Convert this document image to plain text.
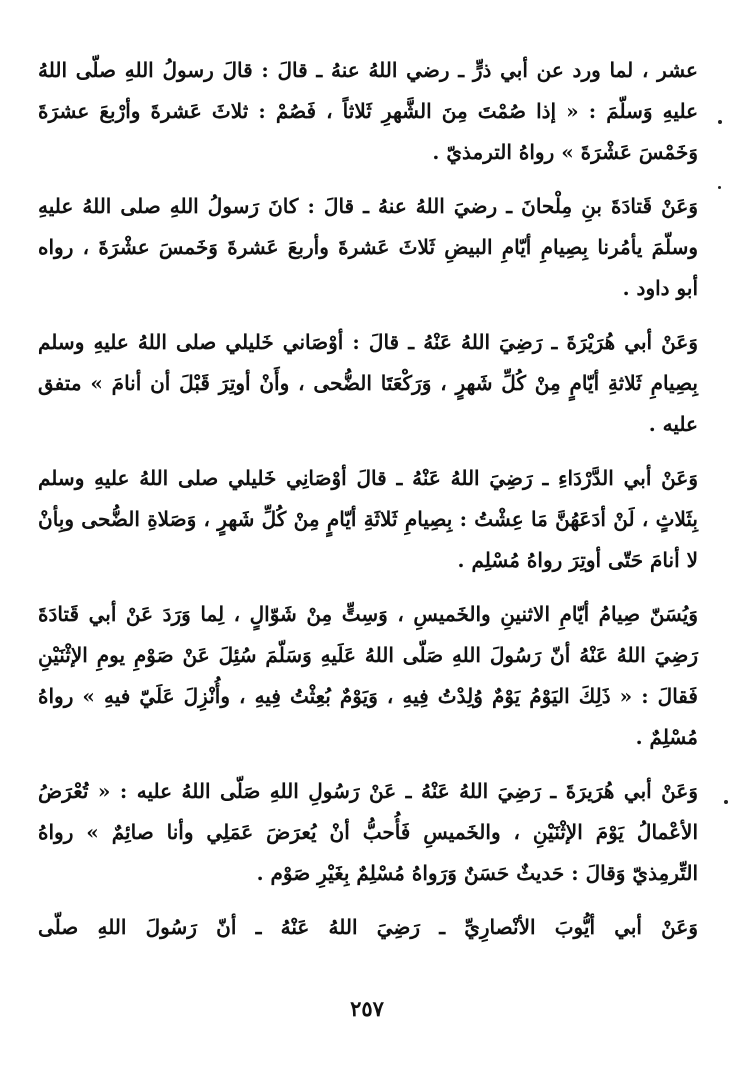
عشر ، لما ورد عن أبي ذرٍّ ـ رضي اللهُ عنهُ ـ قالَ : قالَ رسولُ اللهِ صلّى اللهُ عليهِ وَسلّمَ : « إذا صُمْتَ مِنَ الشَّهرِ ثَلاثاً ، فَصُمْ : ثلاثَ عَشرةَ وأرْبعَ عشرَةَ وَخَمْسَ عَشْرَةَ » رواهُ الترمذيّ .

وَعَنْ قَتادَةَ بنِ مِلْحانَ ـ رضيَ اللهُ عنهُ ـ قالَ : كانَ رَسولُ اللهِ صلى اللهُ عليهِ وسلّمَ يأمُرنا بِصِيامِ أيّامِ البيضِ ثَلاثَ عَشرةَ وأربعَ عَشرةَ وَخَمسَ عشْرَةَ ، رواه أبو داود .

وَعَنْ أبي هُرَيْرَةَ ـ رَضِيَ اللهُ عَنْهُ ـ قالَ : أوْصَاني خَليلي صلى اللهُ عليهِ وسلم بِصِيامِ ثَلاثةِ أيّامٍ مِنْ كُلِّ شَهرٍ ، وَرَكْعَتَا الضُّحى ، وأَنْ أوتِرَ قَبْلَ أن أنامَ » متفق عليه .

وَعَنْ أبي الدَّرْدَاءِ ـ رَضِيَ اللهُ عَنْهُ ـ قالَ أوْصَانِي خَليلي صلى اللهُ عليهِ وسلم بِثَلاثٍ ، لَنْ أدَعَهُنَّ مَا عِشْتُ : بِصِيامِ ثَلاثَةِ أيّامٍ مِنْ كُلِّ شَهرٍ ، وَصَلاةِ الضُّحى وبِأنْ لا أنامَ حَتّى أوتِرَ رواهُ مُسْلِم .

وَيُسَنّ صِيامُ أيّامِ الاثنينِ والخَميسِ ، وَسِتٍّ مِنْ شَوّالٍ ، لِما وَرَدَ عَنْ أبي قَتادَةَ رَضِيَ اللهُ عَنْهُ أنّ رَسُولَ اللهِ صَلّى اللهُ عَلَيهِ وَسَلّمَ سُئِلَ عَنْ صَوْمِ يومِ الإثْنَيْنِ فَقالَ : « ذَلِكَ اليَوْمُ يَوْمٌ وُلِدْتُ فِيهِ ، وَيَوْمٌ بُعِثْتُ فِيهِ ، وأُنْزِلَ عَلَيّ فيهِ » رواهُ مُسْلِمٌ .

وَعَنْ أبي هُرَيرَةَ ـ رَضِيَ اللهُ عَنْهُ ـ عَنْ رَسُولِ اللهِ صَلّى اللهُ عليه : « تُعْرَضُ الأعْمالُ يَوْمَ الإثْنَيْنِ ، والخَميسِ فَأُحبُّ أنْ يُعرَضَ عَمَلِي وأنا صائِمٌ » رواهُ التِّرمِذيّ وَقالَ : حَديثٌ حَسَنٌ وَرَواهُ مُسْلِمٌ بِغَيْرِ صَوْم .

وَعَنْ أبي أيُّوبَ الأنْصارِيِّ ـ رَضِيَ اللهُ عَنْهُ ـ أنّ رَسُولَ اللهِ صلّى

٢٥٧
